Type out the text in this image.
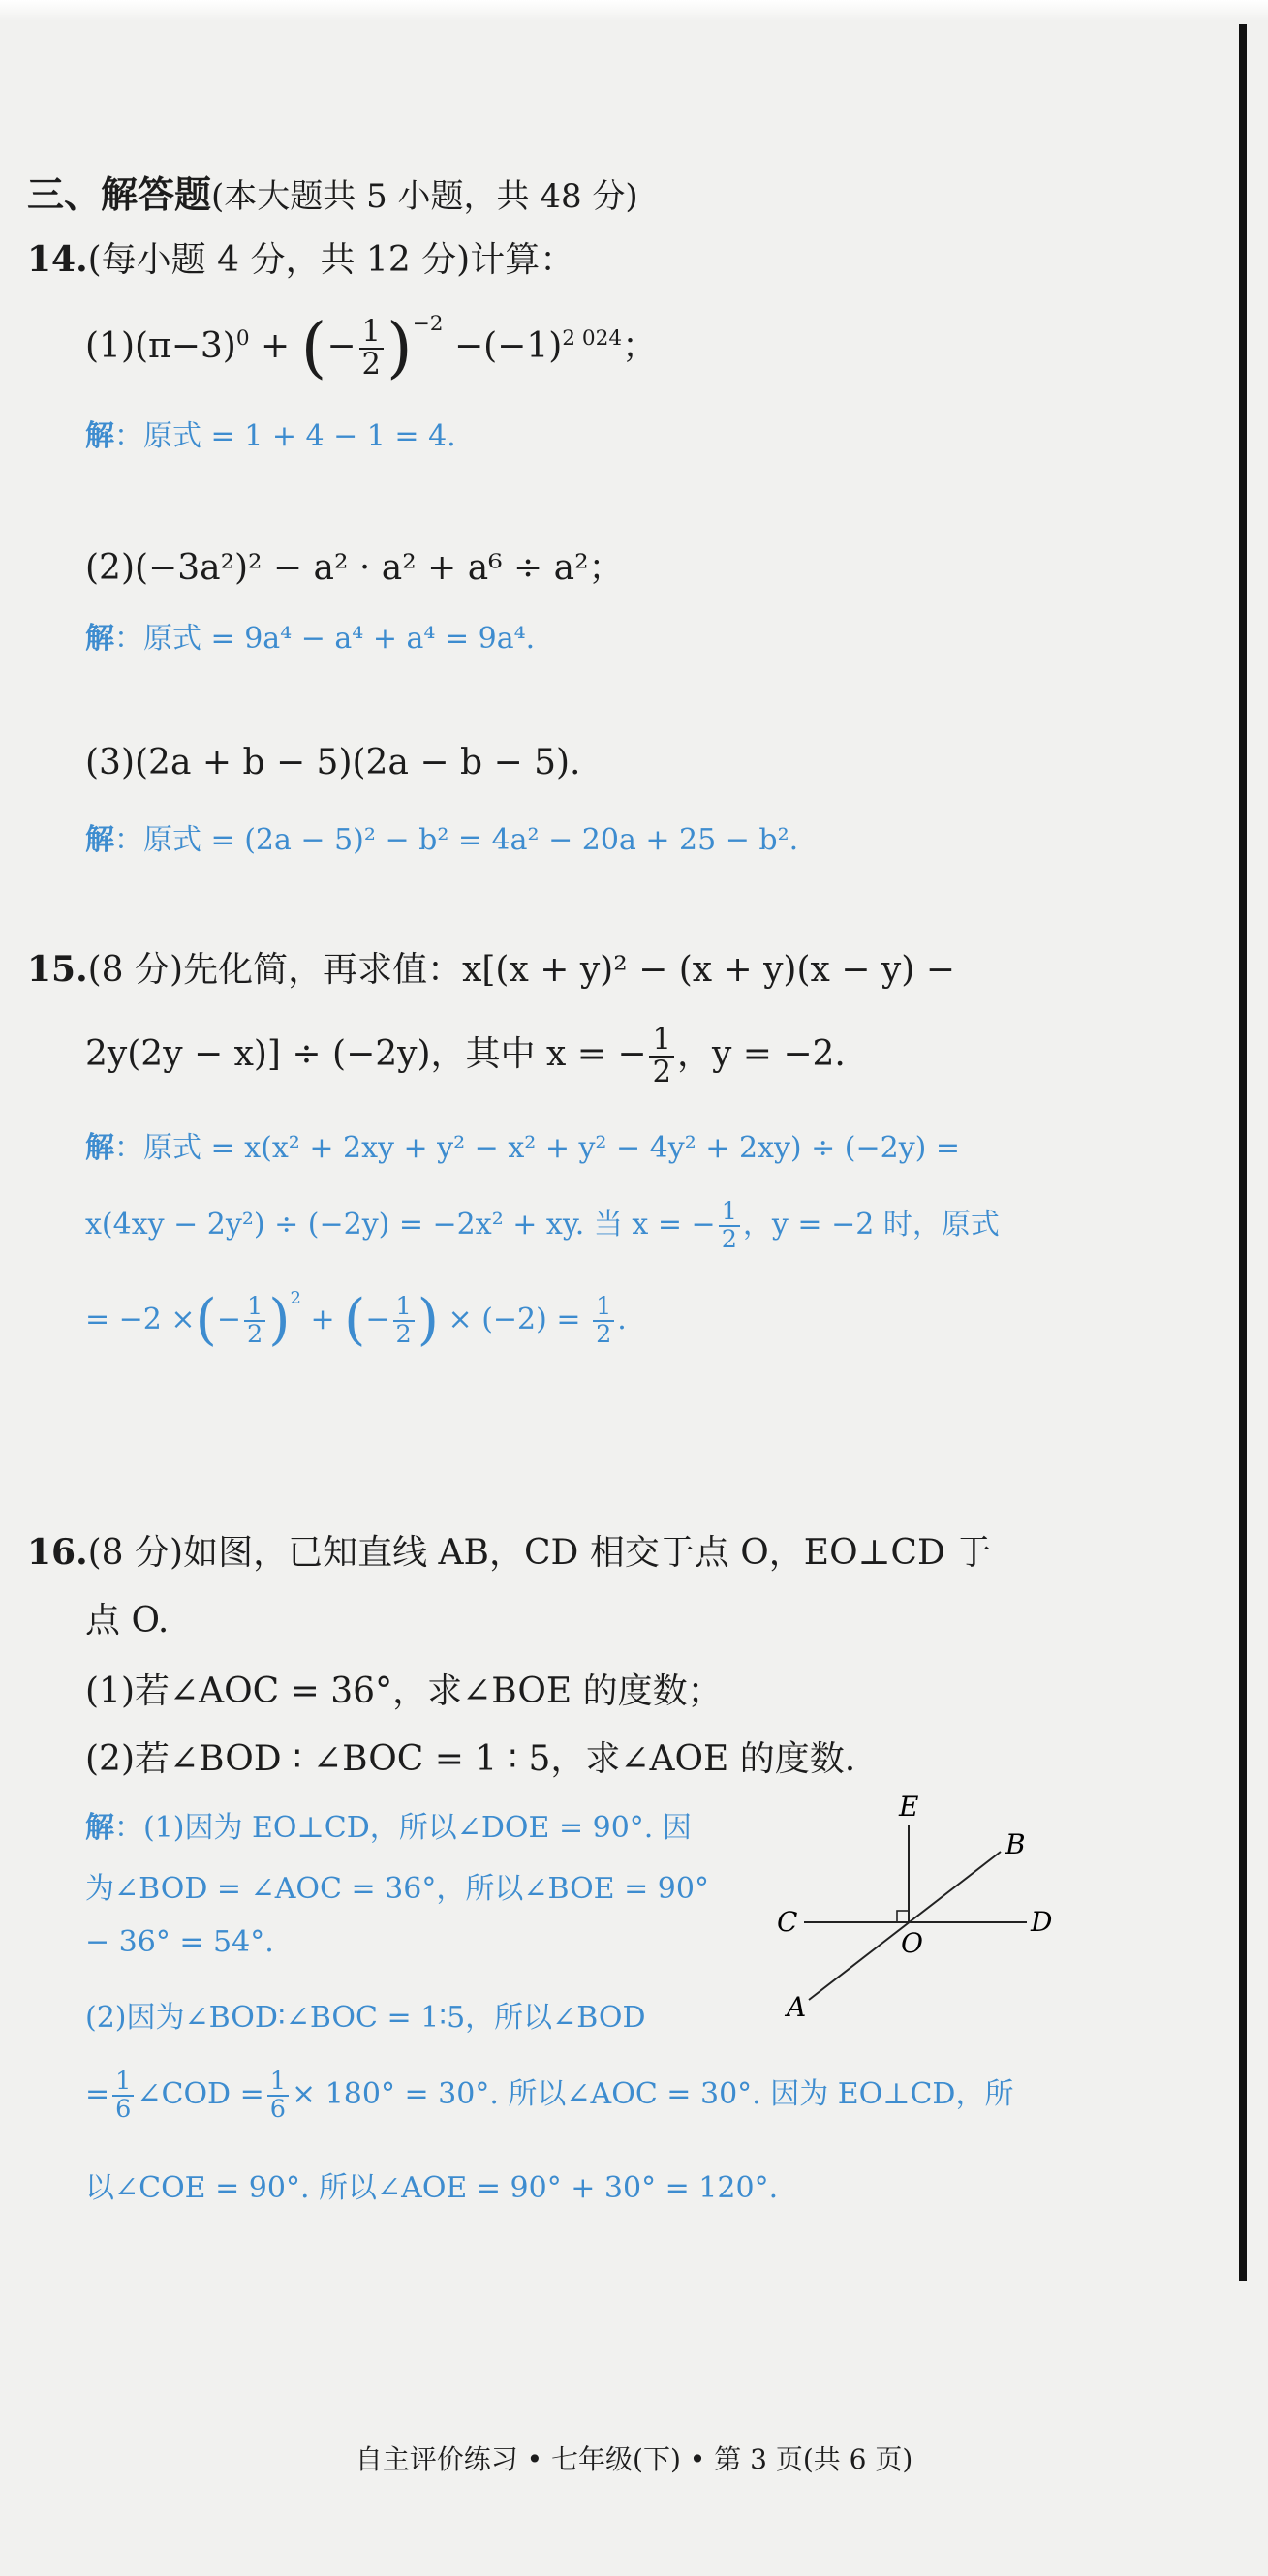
三、解答题(本大题共 5 小题，共 48 分)
14.(每小题 4 分，共 12 分)计算：
$(1)(\pi-3)^0$ + (− $\frac{1}{2} )^{-2} -(-1)^{2 024}$；
解：原式 = 1 + 4 − 1 = 4.
(2)(−3a²)² − a² · a² + a⁶ ÷ a²；
解：原式 = 9a⁴ − a⁴ + a⁴ = 9a⁴.
(3)(2a + b − 5)(2a − b − 5).
解：原式 = (2a − 5)² − b² = 4a² − 20a + 25 − b².
15.(8 分)先化简，再求值：x[(x + y)² − (x + y)(x − y) −
2y(2y − x)] ÷ (−2y)，其中 x = − $\frac{1}{2}$ ，y = −2.
解：原式 = x(x² + 2xy + y² − x² + y² − 4y² + 2xy) ÷ (−2y) =
x(4xy − 2y²) ÷ (−2y) = −2x² + xy. 当 x = − $\frac{1}{2}$ ，y = −2 时，原式
= −2 ×(− $\frac{1}{2} )^2$ + (− $\frac{1}{2}$ ) × $(-2) = \frac{1}{2}$ .
16.(8 分)如图，已知直线 AB，CD 相交于点 O，EO⊥CD 于
点 O.
(1)若∠AOC = 36°，求∠BOE 的度数；
(2)若∠BOD ∶ ∠BOC = 1 ∶ 5，求∠AOE 的度数.
解：(1)因为 EO⊥CD，所以∠DOE = 90°. 因
为∠BOD = ∠AOC = 36°，所以∠BOE = 90°
− 36° = 54°.
(2)因为∠BOD∶∠BOC = 1∶5，所以∠BOD
= $\frac{1}{6}$ ∠COD = $\frac{1}{6} \times 180^\circ = 30^\circ$. 所以∠AOC = 30°. 因为 EO⊥CD，所
以∠COE = 90°. 所以∠AOE = 90° + 30° = 120°.
E
B
C	D
O
A
自主评价练习 • 七年级(下) • 第 3 页(共 6 页)
